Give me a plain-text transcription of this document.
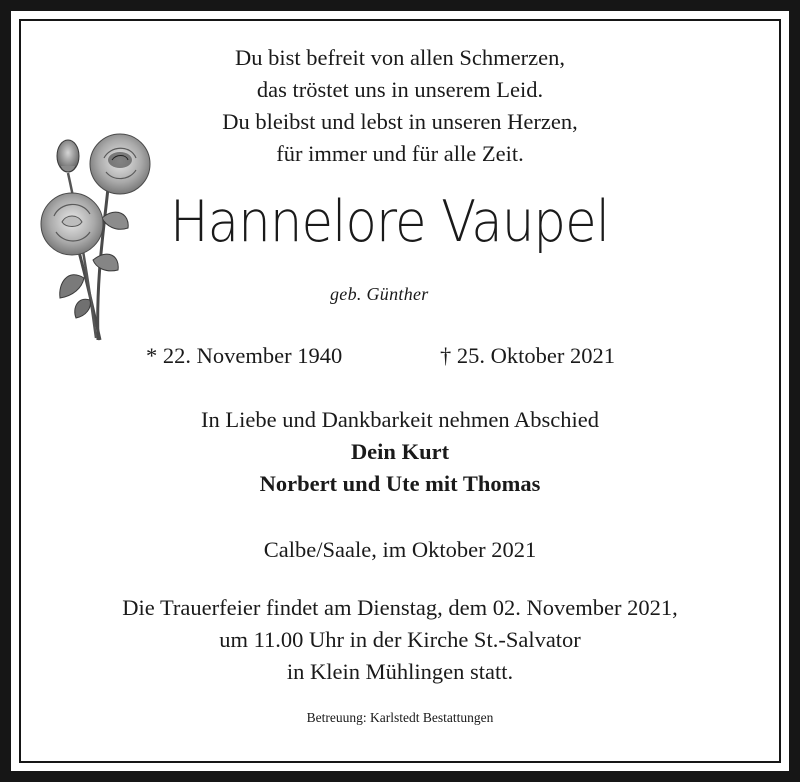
Du bist befreit von allen Schmerzen,
das tröstet uns in unserem Leid.
Du bleibst und lebst in unseren Herzen,
für immer und für alle Zeit.
Hannelore Vaupel
geb. Günther
* 22. November 1940	† 25. Oktober 2021
In Liebe und Dankbarkeit nehmen Abschied
Dein Kurt
Norbert und Ute mit Thomas
Calbe/Saale, im Oktober 2021
Die Trauerfeier findet am Dienstag, dem 02. November 2021,
um 11.00 Uhr in der Kirche St.-Salvator
in Klein Mühlingen statt.
Betreuung: Karlstedt Bestattungen
